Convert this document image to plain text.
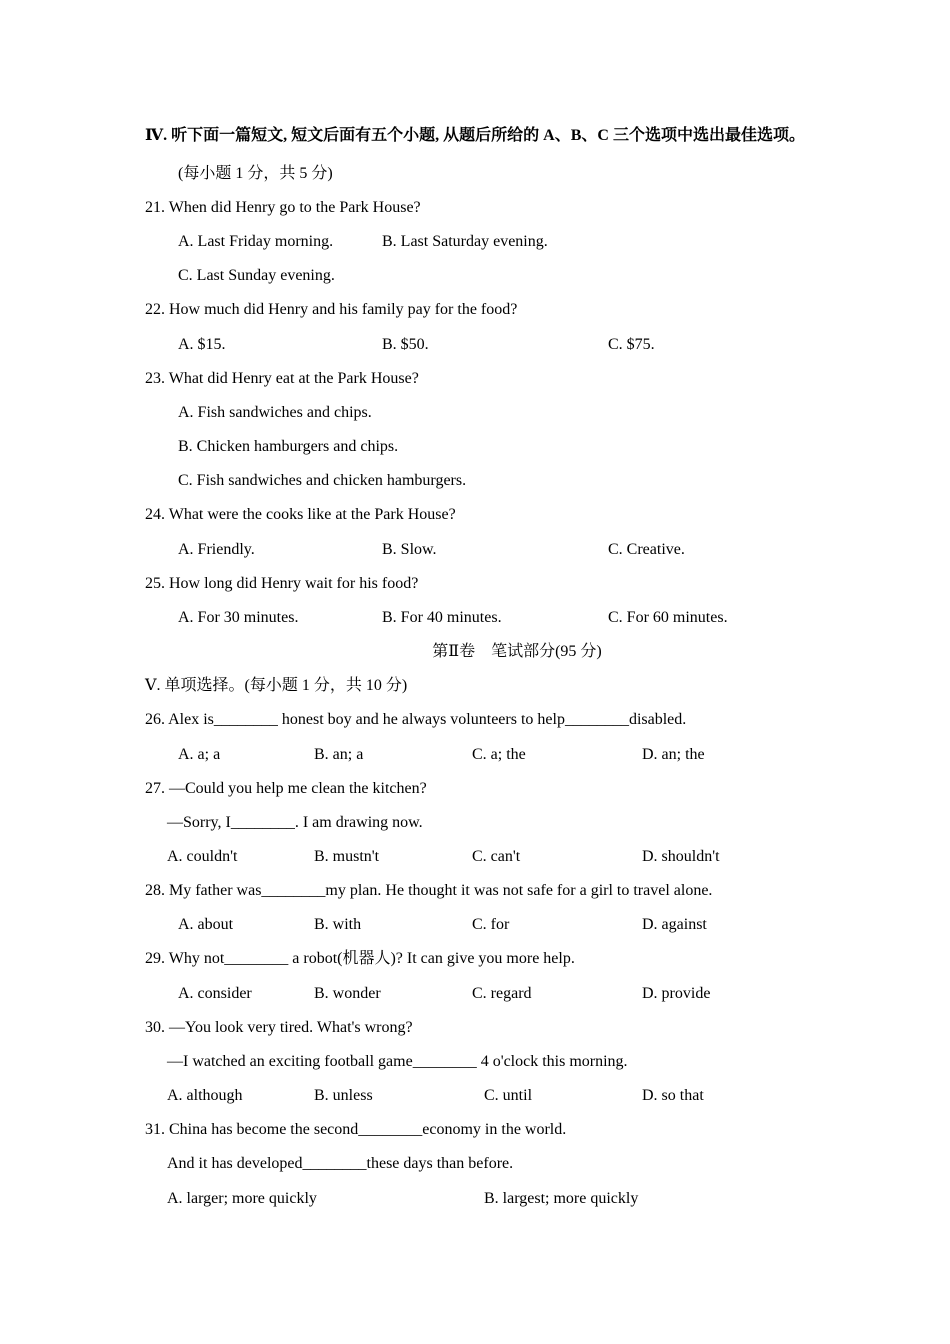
Ⅳ. 听下面一篇短文, 短文后面有五个小题, 从题后所给的 A、B、C 三个选项中选出最佳选项。
(每小题 1 分，共 5 分)
21. When did Henry go to the Park House?
A. Last Friday morning.	B. Last Saturday evening.
C. Last Sunday evening.
22. How much did Henry and his family pay for the food?
A. $15.	B. $50.	C. $75.
23. What did Henry eat at the Park House?
A. Fish sandwiches and chips.
B. Chicken hamburgers and chips.
C. Fish sandwiches and chicken hamburgers.
24. What were the cooks like at the Park House?
A. Friendly.	B. Slow.	C. Creative.
25. How long did Henry wait for his food?
A. For 30 minutes.	B. For 40 minutes.	C. For 60 minutes.
第Ⅱ卷　笔试部分(95 分)
Ⅴ. 单项选择。(每小题 1 分，共 10 分)
26. Alex is________ honest boy and he always volunteers to help________disabled.
A. a; a	B. an; a	C. a; the	D. an; the
27. —Could you help me clean the kitchen?
—Sorry, I________. I am drawing now.
A. couldn't	B. mustn't	C. can't	D. shouldn't
28. My father was________my plan. He thought it was not safe for a girl to travel alone.
A. about	B. with	C. for	D. against
29. Why not________ a robot(机器人)? It can give you more help.
A. consider	B. wonder	C. regard	D. provide
30. —You look very tired. What's wrong?
—I watched an exciting football game________ 4 o'clock this morning.
A. although	B. unless	C. until	D. so that
31. China has become the second________economy in the world.
And it has developed________these days than before.
A. larger; more quickly	B. largest; more quickly
